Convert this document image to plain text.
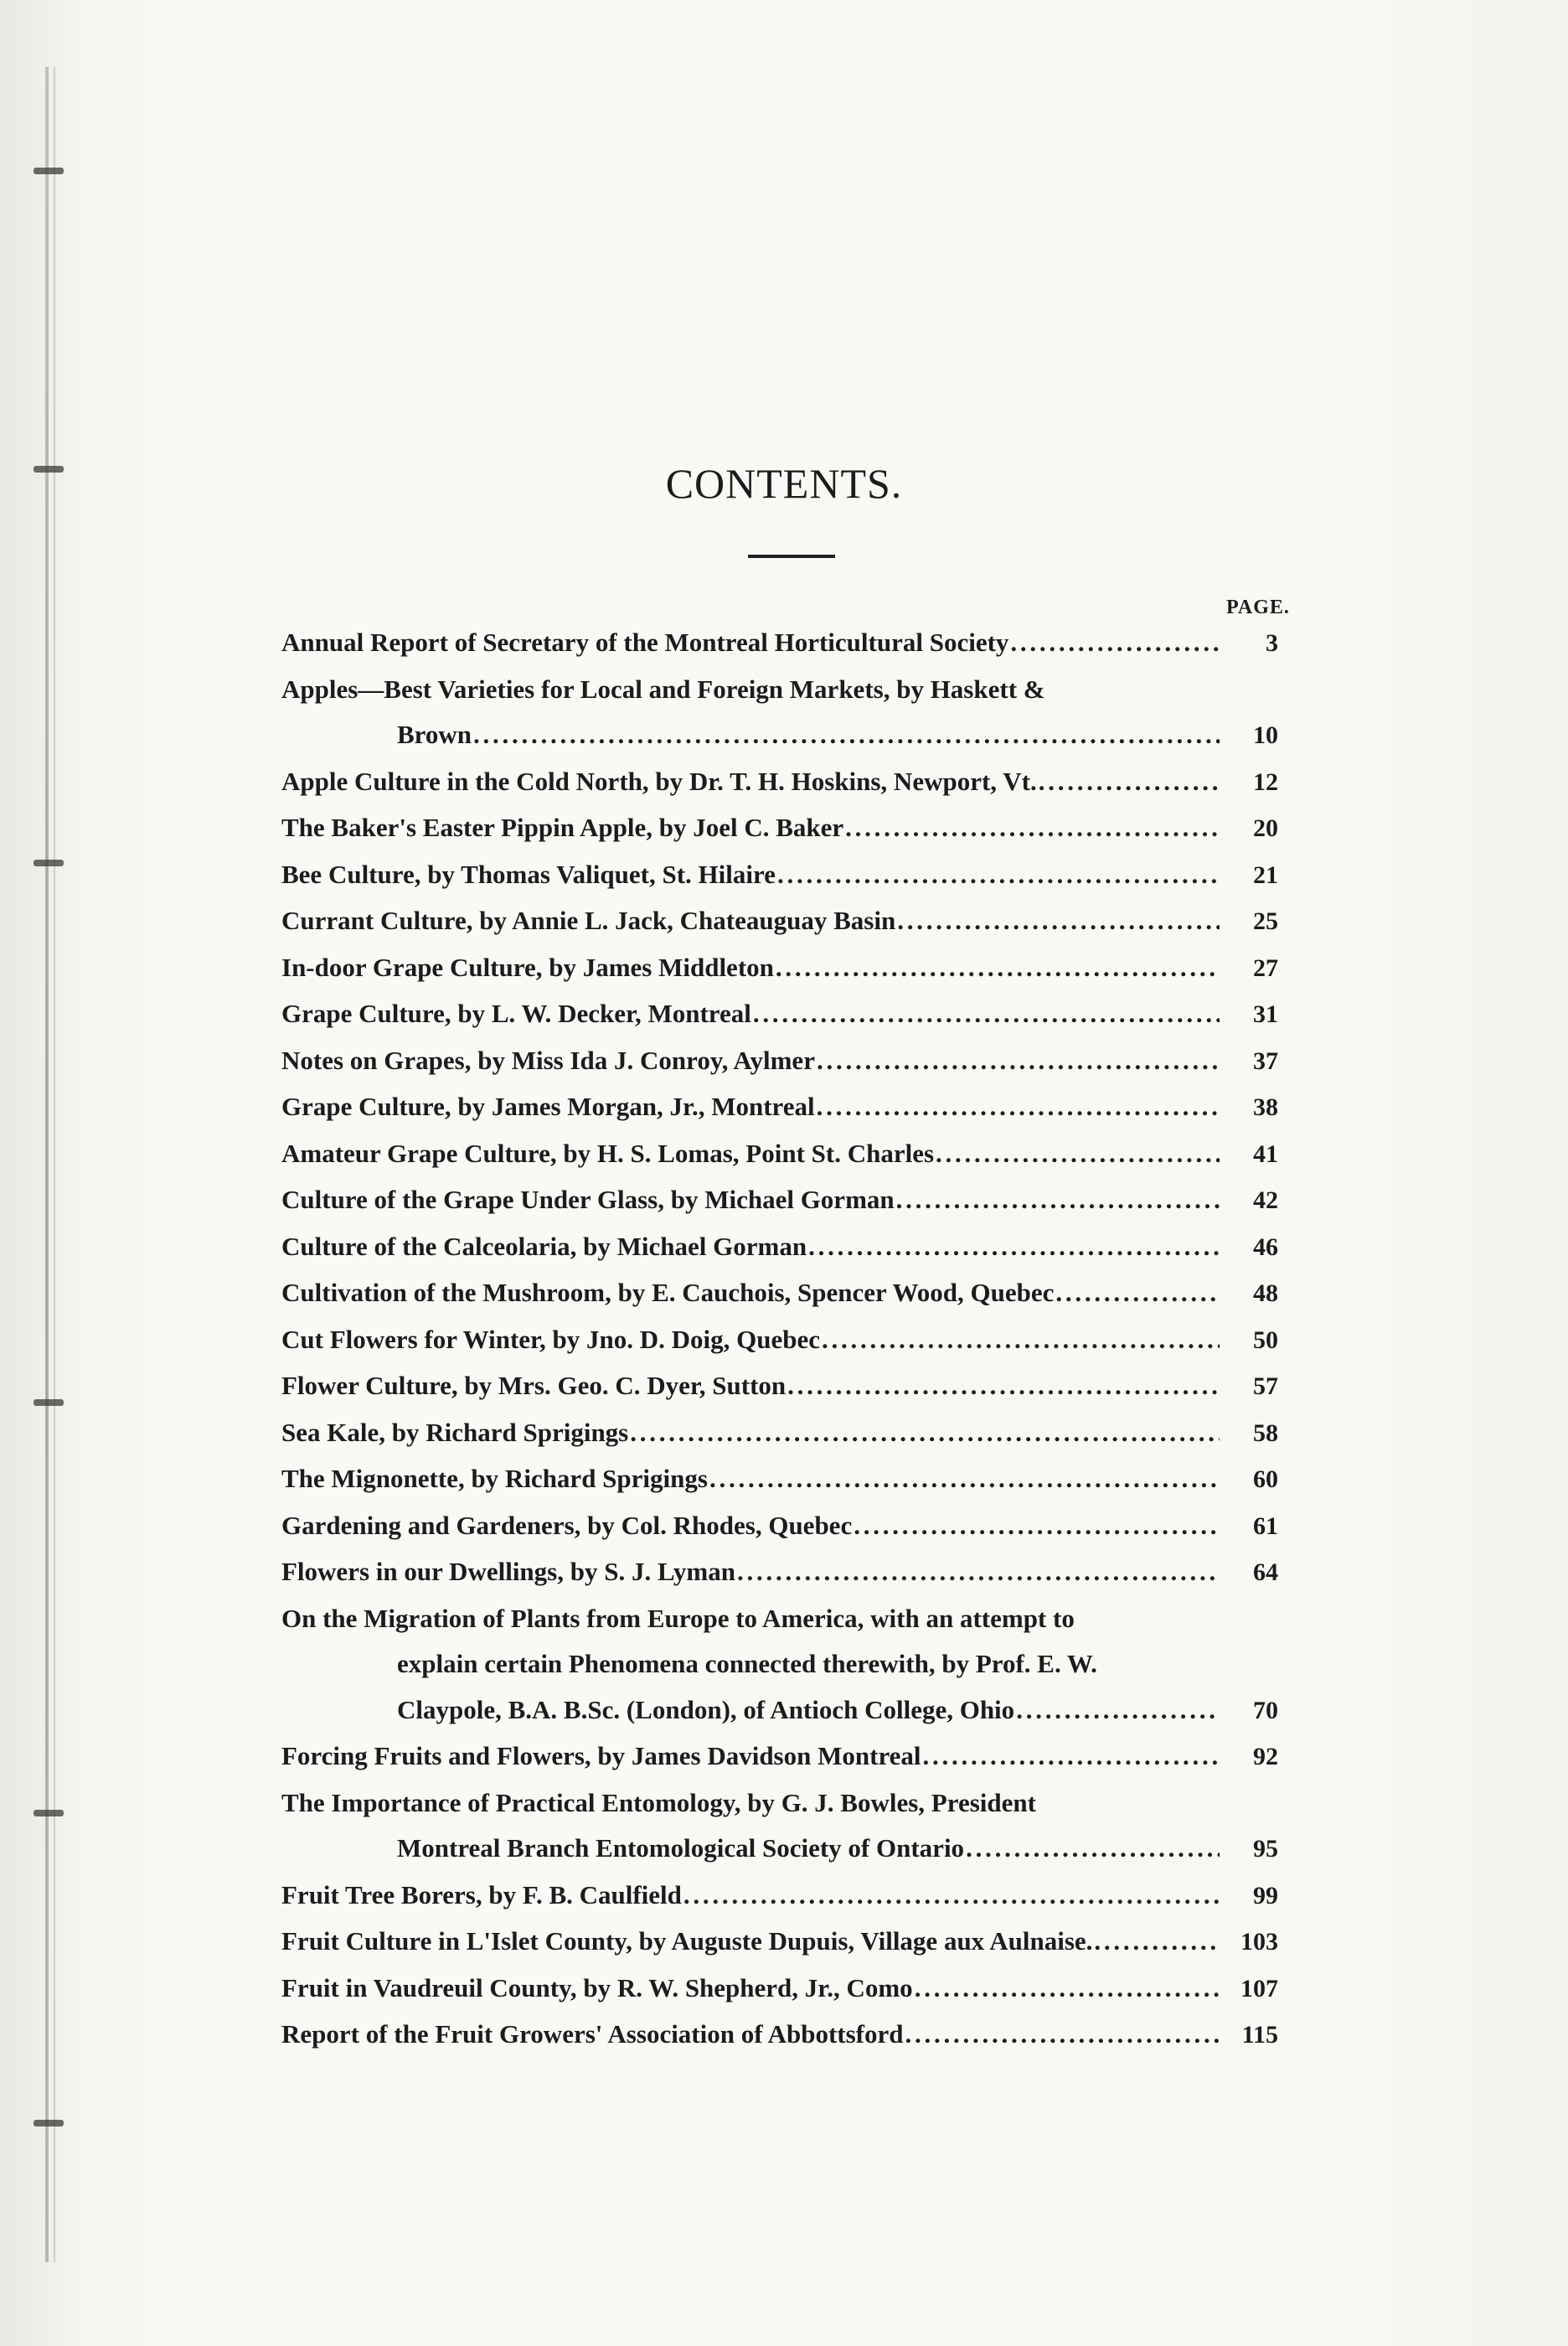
CONTENTS.
PAGE.
Annual Report of Secretary of the Montreal Horticultural Society . . .	3
Apples—Best Varieties for Local and Foreign Markets, by Haskett &
Brown . . .	10
Apple Culture in the Cold North, by Dr. T. H. Hoskins, Newport, Vt. . . .	12
The Baker's Easter Pippin Apple, by Joel C. Baker . . .	20
Bee Culture, by Thomas Valiquet, St. Hilaire . . .	21
Currant Culture, by Annie L. Jack, Chateauguay Basin . . .	25
In-door Grape Culture, by James Middleton . . .	27
Grape Culture, by L. W. Decker, Montreal . . .	31
Notes on Grapes, by Miss Ida J. Conroy, Aylmer . . .	37
Grape Culture, by James Morgan, Jr., Montreal . . .	38
Amateur Grape Culture, by H. S. Lomas, Point St. Charles . . .	41
Culture of the Grape Under Glass, by Michael Gorman . . .	42
Culture of the Calceolaria, by Michael Gorman . . .	46
Cultivation of the Mushroom, by E. Cauchois, Spencer Wood, Quebec . . .	48
Cut Flowers for Winter, by Jno. D. Doig, Quebec . . .	50
Flower Culture, by Mrs. Geo. C. Dyer, Sutton . . .	57
Sea Kale, by Richard Sprigings . . .	58
The Mignonette, by Richard Sprigings . . .	60
Gardening and Gardeners, by Col. Rhodes, Quebec . . .	61
Flowers in our Dwellings, by S. J. Lyman . . .	64
On the Migration of Plants from Europe to America, with an attempt to
explain certain Phenomena connected therewith, by Prof. E. W.
Claypole, B.A. B.Sc. (London), of Antioch College, Ohio . . .	70
Forcing Fruits and Flowers, by James Davidson Montreal . . .	92
The Importance of Practical Entomology, by G. J. Bowles, President
Montreal Branch Entomological Society of Ontario . . .	95
Fruit Tree Borers, by F. B. Caulfield . . .	99
Fruit Culture in L'Islet County, by Auguste Dupuis, Village aux Aulnaise. . . .	103
Fruit in Vaudreuil County, by R. W. Shepherd, Jr., Como . . .	107
Report of the Fruit Growers' Association of Abbottsford . . .	115
